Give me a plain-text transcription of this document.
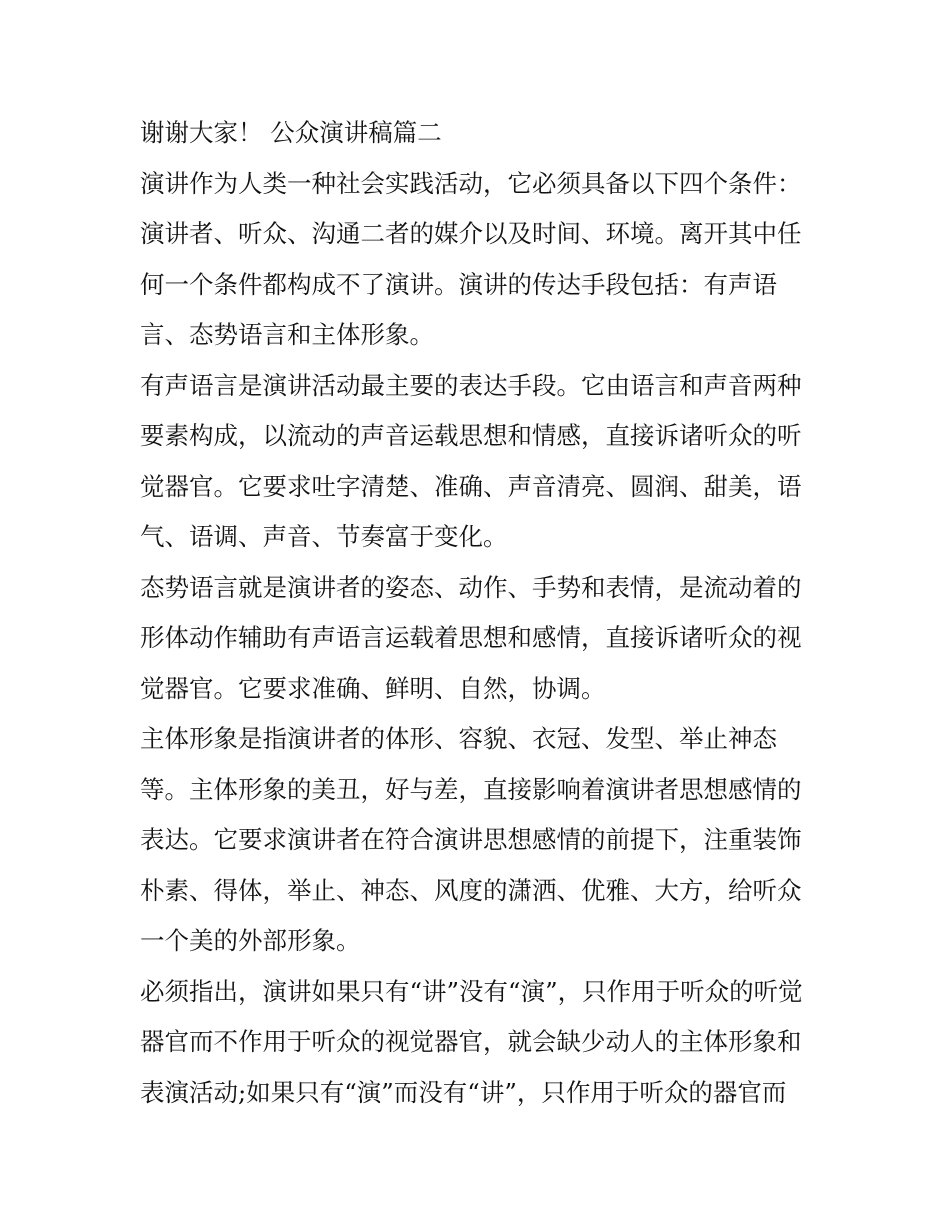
谢谢大家！ 公众演讲稿篇二
演讲作为人类一种社会实践活动，它必须具备以下四个条件：
演讲者、听众、沟通二者的媒介以及时间、环境。离开其中任
何一个条件都构成不了演讲。演讲的传达手段包括：有声语
言、态势语言和主体形象。
有声语言是演讲活动最主要的表达手段。它由语言和声音两种
要素构成，以流动的声音运载思想和情感，直接诉诸听众的听
觉器官。它要求吐字清楚、准确、声音清亮、圆润、甜美，语
气、语调、声音、节奏富于变化。
态势语言就是演讲者的姿态、动作、手势和表情，是流动着的
形体动作辅助有声语言运载着思想和感情，直接诉诸听众的视
觉器官。它要求准确、鲜明、自然，协调。
主体形象是指演讲者的体形、容貌、衣冠、发型、举止神态
等。主体形象的美丑，好与差，直接影响着演讲者思想感情的
表达。它要求演讲者在符合演讲思想感情的前提下，注重装饰
朴素、得体，举止、神态、风度的潇洒、优雅、大方，给听众
一个美的外部形象。
必须指出，演讲如果只有“讲”没有“演”，只作用于听众的听觉
器官而不作用于听众的视觉器官，就会缺少动人的主体形象和
表演活动;如果只有“演”而没有“讲”，只作用于听众的器官而
